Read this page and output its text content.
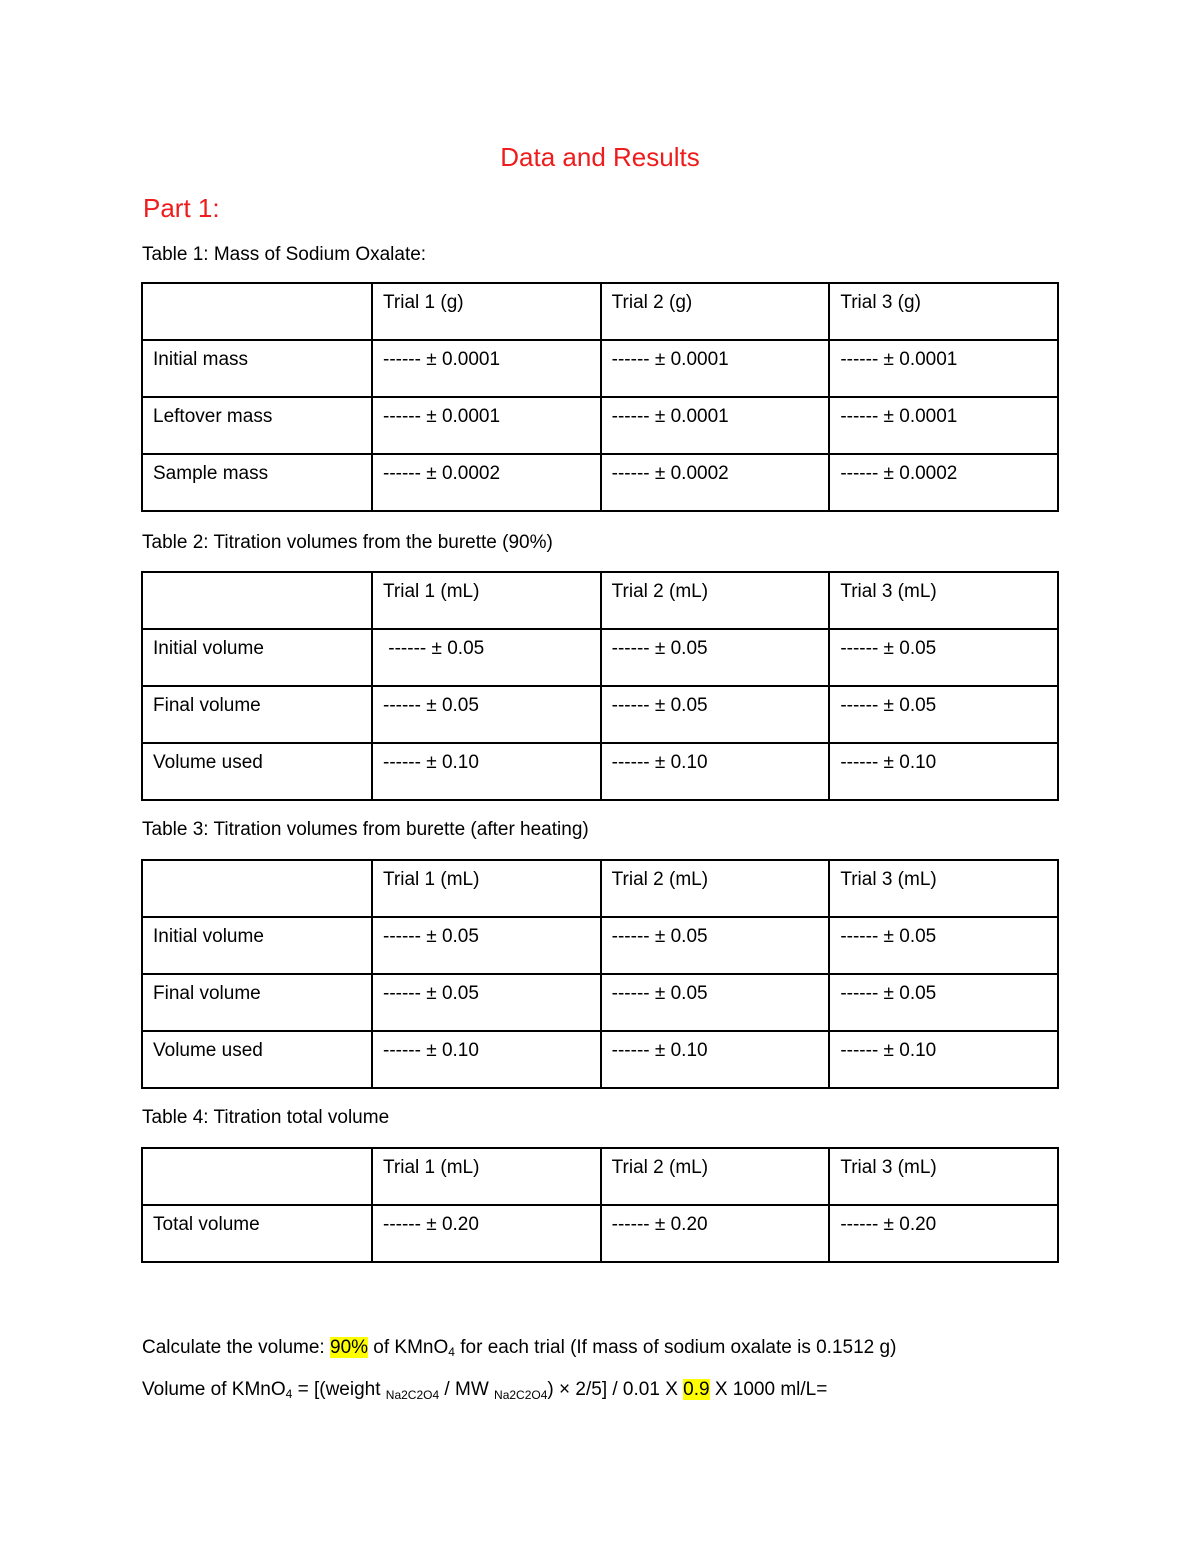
Data and Results
Part 1:
Table 1: Mass of Sodium Oxalate:
	Trial 1 (g)	Trial 2 (g)	Trial 3 (g)
Initial mass	------ ± 0.0001	------ ± 0.0001	------ ± 0.0001
Leftover mass	------ ± 0.0001	------ ± 0.0001	------ ± 0.0001
Sample mass	------ ± 0.0002	------ ± 0.0002	------ ± 0.0002
Table 2: Titration volumes from the burette (90%)
	Trial 1 (mL)	Trial 2 (mL)	Trial 3 (mL)
Initial volume	------ ± 0.05	------ ± 0.05	------ ± 0.05
Final volume	------ ± 0.05	------ ± 0.05	------ ± 0.05
Volume used	------ ± 0.10	------ ± 0.10	------ ± 0.10
Table 3: Titration volumes from burette (after heating)
	Trial 1 (mL)	Trial 2 (mL)	Trial 3 (mL)
Initial volume	------ ± 0.05	------ ± 0.05	------ ± 0.05
Final volume	------ ± 0.05	------ ± 0.05	------ ± 0.05
Volume used	------ ± 0.10	------ ± 0.10	------ ± 0.10
Table 4: Titration total volume
	Trial 1 (mL)	Trial 2 (mL)	Trial 3 (mL)
Total volume	------ ± 0.20	------ ± 0.20	------ ± 0.20
Calculate the volume: 90% of KMnO$_4$ for each trial (If mass of sodium oxalate is 0.1512 g)
Volume of KMnO$_4$ = [(weight $_{Na2C2O4}$ / MW $_{Na2C2O4}$) × 2/5] / 0.01 X 0.9 X 1000 ml/L=
